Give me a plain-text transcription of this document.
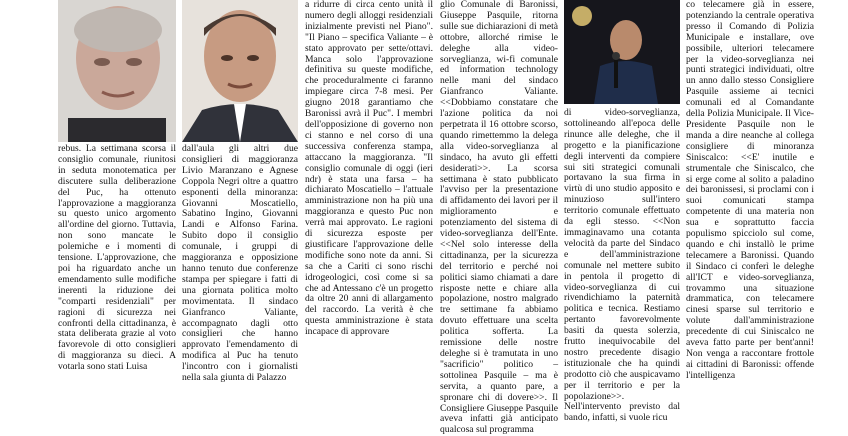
rebus. La settimana scorsa il consiglio comunale, riunitosi in seduta monotematica per discutere sulla deliberazione del Puc, ha ottenuto l'approvazione a maggioranza su questo unico argomento all'ordine del giorno. Tuttavia, non sono mancate le polemiche e i momenti di tensione. L'approvazione, che poi ha riguardato anche un emendamento sulle modifiche inerenti la riduzione dei "comparti residenziali" per ragioni di sicurezza nei confronti della cittadinanza, è stata deliberata grazie al voto favorevole di otto consiglieri di maggioranza su dieci. A votarla sono stati Luisa

dall'aula gli altri due consiglieri di maggioranza Livio Maranzano e Agnese Coppola Negri oltre a quattro esponenti della minoranza: Giovanni Moscatiello, Sabatino Ingino, Giovanni Landi e Alfonso Farina. Subito dopo il consiglio comunale, i gruppi di maggioranza e opposizione hanno tenuto due conferenze stampa per spiegare i fatti di una giornata politica molto movimentata. Il sindaco Gianfranco Valiante, accompagnato dagli otto consiglieri che hanno approvato l'emendamento di modifica al Puc ha tenuto l'incontro con i giornalisti nella sala giunta di Palazzo

a ridurre di circa cento unità il numero degli alloggi residenziali inizialmente previsti nel Piano". "Il Piano – specifica Valiante – è stato approvato per sette/ottavi. Manca solo l'approvazione definitiva su queste modifiche, che proceduralmente ci faranno impiegare circa 7-8 mesi. Per giugno 2018 garantiamo che Baronissi avrà il Puc". I membri dell'opposizione di governo non ci stanno e nel corso di una successiva conferenza stampa, attaccano la maggioranza. "Il consiglio comunale di oggi (ieri ndr) è stata una farsa – ha dichiarato Moscatiello – l'attuale amministrazione non ha più una maggioranza e questo Puc non verrà mai approvato. Le ragioni di sicurezza esposte per giustificare l'approvazione delle modifiche sono note da anni. Si sa che a Cariti ci sono rischi idrogeologici, così come si sa che ad Antessano c'è un progetto da oltre 20 anni di allargamento del raccordo. La verità è che questa amministrazione è stata incapace di approvare

glio Comunale di Baronissi, Giuseppe Pasquile, ritorna sulle sue dichiarazioni di metà ottobre, allorché rimise le deleghe alla video-sorveglianza, wi-fi comunale ed information technology nelle mani del sindaco Gianfranco Valiante. <<Dobbiamo constatare che l'azione politica da noi perpetrata il 16 ottobre scorso, quando rimettemmo la delega alla video-sorveglianza al sindaco, ha avuto gli effetti desiderati>>. La scorsa settimana è stato pubblicato l'avviso per la presentazione di affidamento dei lavori per il miglioramento e potenziamento del sistema di video-sorveglianza dell'Ente. <<Nel solo interesse della cittadinanza, per la sicurezza del territorio e perché noi politici siamo chiamati a dare risposte nette e chiare alla popolazione, nostro malgrado tre settimane fa abbiamo dovuto effettuare una scelta politica sofferta. La remissione delle nostre deleghe si è tramutata in uno "sacrificio" politico – sottolinea Pasquile – ma è servita, a quanto pare, a spronare chi di dovere>>. Il Consigliere Giuseppe Pasquile aveva infatti già anticipato qualcosa sul programma

di video-sorveglianza, sottolineando all'epoca delle rinunce alle deleghe, che il progetto e la pianificazione degli interventi da compiere sui siti strategici comunali portavano la sua firma in virtù di uno studio apposito e minuzioso sull'intero territorio comunale effettuato da egli stesso. <<Non immaginavamo una cotanta velocità da parte del Sindaco e dell'amministrazione comunale nel mettere subito in pentola il progetto di video-sorveglianza di cui rivendichiamo la paternità politica e tecnica. Restiamo pertanto favorevolmente basiti da questa solerzia, frutto inequivocabile del nostro precedente disagio istituzionale che ha quindi prodotto ciò che auspicavamo per il territorio e per la popolazione>>. Nell'intervento previsto dal bando, infatti, si vuole ricu

co telecamere già in essere, potenziando la centrale operativa presso il Comando di Polizia Municipale e installare, ove possibile, ulteriori telecamere per la video-sorveglianza nei punti strategici individuati, oltre un anno dallo stesso Consigliere Pasquile assieme ai tecnici comunali ed al Comandante della Polizia Municipale. Il Vice-Presidente Pasquile non le manda a dire neanche al collega consigliere di minoranza Siniscalco: <<E' inutile e strumentale che Siniscalco, che si erge come al solito a paladino dei baronissesi, si proclami con i suoi comunicati stampa competente di una materia non sua e soprattutto faccia populismo spicciolo sul come, quando e chi installò le prime telecamere a Baronissi. Quando il Sindaco ci conferì le deleghe all'ICT e video-sorveglianza, trovammo una situazione drammatica, con telecamere cinesi sparse sul territorio e volute dall'amministrazione precedente di cui Siniscalco ne aveva fatto parte per bent'anni! Non venga a raccontare frottole ai cittadini di Baronissi: offende l'intelligenza
